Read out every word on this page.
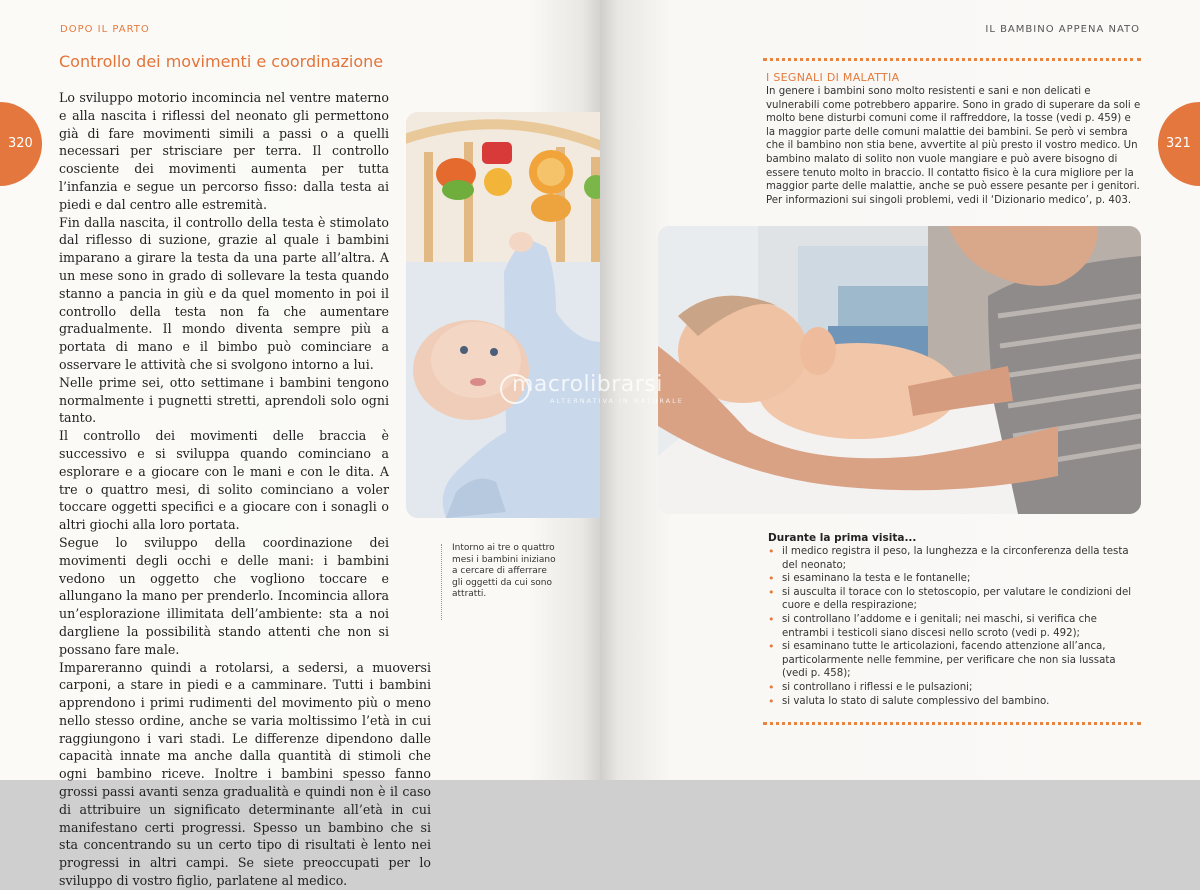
DOPO IL PARTO
320
Controllo dei movimenti e coordinazione

Lo sviluppo motorio incomincia nel ventre materno e alla nascita i riflessi del neonato gli permettono già di fare movimenti simili a passi o a quelli necessari per strisciare per terra. Il controllo cosciente dei movimenti aumenta per tutta l’infanzia e segue un percorso fisso: dalla testa ai piedi e dal centro alle estremità.

Fin dalla nascita, il controllo della testa è stimolato dal riflesso di suzione, grazie al quale i bambini imparano a girare la testa da una parte all’altra. A un mese sono in grado di sollevare la testa quando stanno a pancia in giù e da quel momento in poi il controllo della testa non fa che aumentare gradualmente. Il mondo diventa sempre più a portata di mano e il bimbo può cominciare a osservare le attività che si svolgono intorno a lui.

Nelle prime sei, otto settimane i bambini tengono normalmente i pugnetti stretti, aprendoli solo ogni tanto.

Il controllo dei movimenti delle braccia è successivo e si sviluppa quando cominciano a esplorare e a giocare con le mani e con le dita. A tre o quattro mesi, di solito cominciano a voler toccare oggetti specifici e a giocare con i sonagli o altri giochi alla loro portata.

Segue lo sviluppo della coordinazione dei movimenti degli occhi e delle mani: i bambini vedono un oggetto che vogliono toccare e allungano la mano per prenderlo. Incomincia allora un’esplorazione illimitata dell’ambiente: sta a noi dargliene la possibilità stando attenti che non si possano fare male.

Impareranno quindi a rotolarsi, a sedersi, a muoversi carponi, a stare in piedi e a camminare. Tutti i bambini apprendono i primi rudimenti del movimento più o meno nello stesso ordine, anche se varia moltissimo l’età in cui raggiungono i vari stadi. Le differenze dipendono dalle capacità innate ma anche dalla quantità di stimoli che ogni bambino riceve. Inoltre i bambini spesso fanno grossi passi avanti senza gradualità e quindi non è il caso di attribuire un significato determinante all’età in cui manifestano certi progressi. Spesso un bambino che si sta concentrando su un certo tipo di risultati è lento nei progressi in altri campi. Se siete preoccupati per lo sviluppo di vostro figlio, parlatene al medico.

Intorno ai tre o quattro mesi i bambini iniziano a cercare di afferrare gli oggetti da cui sono attratti.
IL BAMBINO APPENA NATO
321
I SEGNALI DI MALATTIA

In genere i bambini sono molto resistenti e sani e non delicati e vulnerabili come potrebbero apparire. Sono in grado di superare da soli e molto bene disturbi comuni come il raffreddore, la tosse (vedi p. 459) e la maggior parte delle comuni malattie dei bambini. Se però vi sembra che il bambino non stia bene, avvertite al più presto il vostro medico. Un bambino malato di solito non vuole mangiare e può avere bisogno di essere tenuto molto in braccio. Il contatto fisico è la cura migliore per la maggior parte delle malattie, anche se può essere pesante per i genitori. Per informazioni sui singoli problemi, vedi il ‘Dizionario medico’, p. 403.

macrolibrarsi
ALTERNATIVA IN NATURALE
Durante la prima visita...
• il medico registra il peso, la lunghezza e la circonferenza della testa del neonato;
• si esaminano la testa e le fontanelle;
• si ausculta il torace con lo stetoscopio, per valutare le condizioni del cuore e della respirazione;
• si controllano l’addome e i genitali; nei maschi, si verifica che entrambi i testicoli siano discesi nello scroto (vedi p. 492);
• si esaminano tutte le articolazioni, facendo attenzione all’anca, particolarmente nelle femmine, per verificare che non sia lussata (vedi p. 458);
• si controllano i riflessi e le pulsazioni;
• si valuta lo stato di salute complessivo del bambino.
